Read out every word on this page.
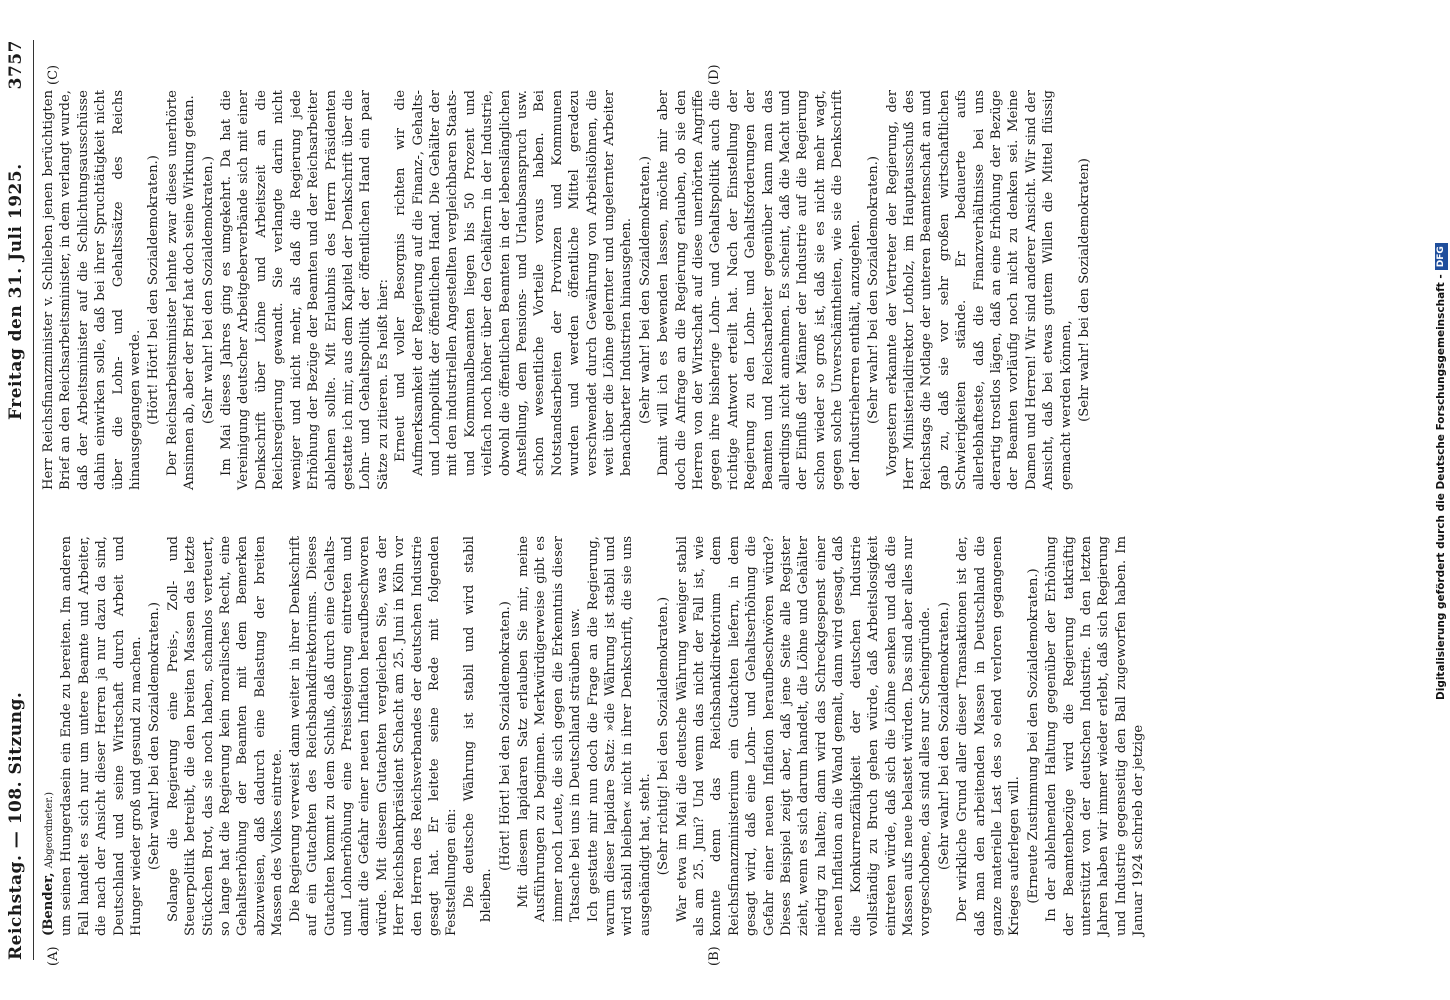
Reichstag. — 108. Sitzung.
Freitag den 31. Juli 1925.
3757
(A)	(B)
(C)	(D)

(Bender, Abgeordneter.) um seinen Hungerdasein ein Ende zu bereiten. Im anderen Fall handelt es sich nur um untere Beamte und Arbeiter, die nach der Ansicht dieser Herren ja nur dazu da sind, Deutschland und seine Wirtschaft durch Arbeit und Hunger wieder groß und gesund zu machen. (Sehr wahr! bei den Sozialdemokraten.) Solange die Regierung eine Preis-, Zoll- und Steuerpolitik betreibt, die den breiten Massen das letzte Stückchen Brot, das sie noch haben, schamlos verteuert, so lange hat die Regierung kein moralisches Recht, eine Gehaltserhöhung der Beamten mit dem Bemerken abzuweisen, daß dadurch eine Belastung der breiten Massen des Volkes eintrete. Die Regierung verweist dann weiter in ihrer Denkschrift auf ein Gutachten des Reichsbankdirektoriums. Dieses Gutachten kommt zu dem Schluß, daß durch eine Gehalts- und Lohnerhöhung eine Preissteigerung eintreten und damit die Gefahr einer neuen Inflation heraufbeschworen würde. Mit diesem Gutachten vergleichen Sie, was der Herr Reichsbankpräsident Schacht am 25. Juni in Köln vor den Herren des Reichsverbandes der deutschen Industrie gesagt hat. Er leitete seine Rede mit folgenden Feststellungen ein: Die deutsche Währung ist stabil und wird stabil bleiben.

(Hört! Hört! bei den Sozialdemokraten.) Mit diesem lapidaren Satz erlauben Sie mir, meine Ausführungen zu beginnen. Merkwürdigerweise gibt es immer noch Leute, die sich gegen die Erkenntnis dieser Tatsache bei uns in Deutschland sträuben usw. Ich gestatte mir nun doch die Frage an die Regierung, warum dieser lapidare Satz: »die Währung ist stabil und wird stabil bleiben« nicht in ihrer Denkschrift, die sie uns ausgehändigt hat, steht. (Sehr richtig! bei den Sozialdemokraten.) War etwa im Mai die deutsche Währung weniger stabil als am 25. Juni? Und wenn das nicht der Fall ist, wie konnte denn das Reichsbankdirektorium dem Reichsfinanzministerium ein Gutachten liefern, in dem gesagt wird, daß eine Lohn- und Gehaltserhöhung die Gefahr einer neuen Inflation heraufbeschwören würde? Dieses Beispiel zeigt aber, daß jene Seite alle Register zieht, wenn es sich darum handelt, die Löhne und Gehälter niedrig zu halten; dann wird das Schreckgespenst einer neuen Inflation an die Wand gemalt, dann wird gesagt, daß die Konkurrenzfähigkeit der deutschen Industrie vollständig zu Bruch gehen würde, daß Arbeitslosigkeit eintreten würde, daß sich die Löhne senken und daß die Massen aufs neue belastet würden. Das sind aber alles nur vorgeschobene, das sind alles nur Scheingründe. (Sehr wahr! bei den Sozialdemokraten.) Der wirkliche Grund aller dieser Transaktionen ist der, daß man den arbeitenden Massen in Deutschland die ganze materielle Last des so elend verloren gegangenen Krieges auferlegen will. (Erneute Zustimmung bei den Sozialdemokraten.) In der ablehnenden Haltung gegenüber der Erhöhung der Beamtenbezüge wird die Regierung tatkräftig unterstützt von der deutschen Industrie. In den letzten Jahren haben wir immer wieder erlebt, daß sich Regierung und Industrie gegenseitig den Ball zugeworfen haben. Im Januar 1924 schrieb der jetzige

Herr Reichsfinanzminister v. Schlieben jenen berüchtigten Brief an den Reichsarbeitsminister, in dem verlangt wurde, daß der Arbeitsminister auf die Schlichtungsausschüsse dahin einwirken solle, daß bei ihrer Spruchtätigkeit nicht über die Lohn- und Gehaltssätze des Reichs hinausgegangen werde. (Hört! Hört! bei den Sozialdemokraten.) Der Reichsarbeitsminister lehnte zwar dieses unerhörte Ansinnen ab, aber der Brief hat doch seine Wirkung getan. (Sehr wahr! bei den Sozialdemokraten.) Im Mai dieses Jahres ging es umgekehrt. Da hat die Vereinigung deutscher Arbeitgeberverbände sich mit einer Denkschrift über Löhne und Arbeitszeit an die Reichsregierung gewandt. Sie verlangte darin nicht weniger und nicht mehr, als daß die Regierung jede Erhöhung der Bezüge der Beamten und der Reichsarbeiter ablehnen sollte. Mit Erlaubnis des Herrn Präsidenten gestatte ich mir, aus dem Kapitel der Denkschrift über die Lohn- und Gehaltspolitik der öffentlichen Hand ein paar Sätze zu zitieren. Es heißt hier: Erneut und voller Besorgnis richten wir die Aufmerksamkeit der Regierung auf die Finanz-, Gehalts- und Lohnpolitik der öffentlichen Hand. Die Gehälter der mit den industriellen Angestellten vergleichbaren Staats- und Kommunalbeamten liegen bis 50 Prozent und vielfach noch höher über den Gehältern in der Industrie, obwohl die öffentlichen Beamten in der lebenslänglichen Anstellung, dem Pensions- und Urlaubsanspruch usw. schon wesentliche Vorteile voraus haben. Bei Notstandsarbeiten der Provinzen und Kommunen wurden und werden öffentliche Mittel geradezu verschwendet durch Gewährung von Arbeitslöhnen, die weit über die Löhne gelernter und ungelernter Arbeiter benachbarter Industrien hinausgehen. (Sehr wahr! bei den Sozialdemokraten.) Damit will ich es bewenden lassen, möchte mir aber doch die Anfrage an die Regierung erlauben, ob sie den Herren von der Wirtschaft auf diese unerhörten Angriffe gegen ihre bisherige Lohn- und Gehaltspolitik auch die richtige Antwort erteilt hat. Nach der Einstellung der Regierung zu den Lohn- und Gehaltsforderungen der Beamten und Reichsarbeiter gegenüber kann man das allerdings nicht annehmen. Es scheint, daß die Macht und der Einfluß der Männer der Industrie auf die Regierung schon wieder so groß ist, daß sie es nicht mehr wagt, gegen solche Unverschämtheiten, wie sie die Denkschrift der Industrieherren enthält, anzugehen. (Sehr wahr! bei den Sozialdemokraten.) Vorgestern erkannte der Vertreter der Regierung, der Herr Ministerialdirektor Lotholz, im Hauptausschuß des Reichstags die Notlage der unteren Beamtenschaft an und gab zu, daß sie vor sehr großen wirtschaftlichen Schwierigkeiten stände. Er bedauerte aufs allerlebhafteste, daß die Finanzverhältnisse bei uns derartig trostlos lägen, daß an eine Erhöhung der Bezüge der Beamten vorläufig noch nicht zu denken sei. Meine Damen und Herren! Wir sind anderer Ansicht. Wir sind der Ansicht, daß bei etwas gutem Willen die Mittel flüssig gemacht werden können, (Sehr wahr! bei den Sozialdemokraten)	Digitalisierung gefördert durch die Deutsche Forschungsgemeinschaft -
DFG
